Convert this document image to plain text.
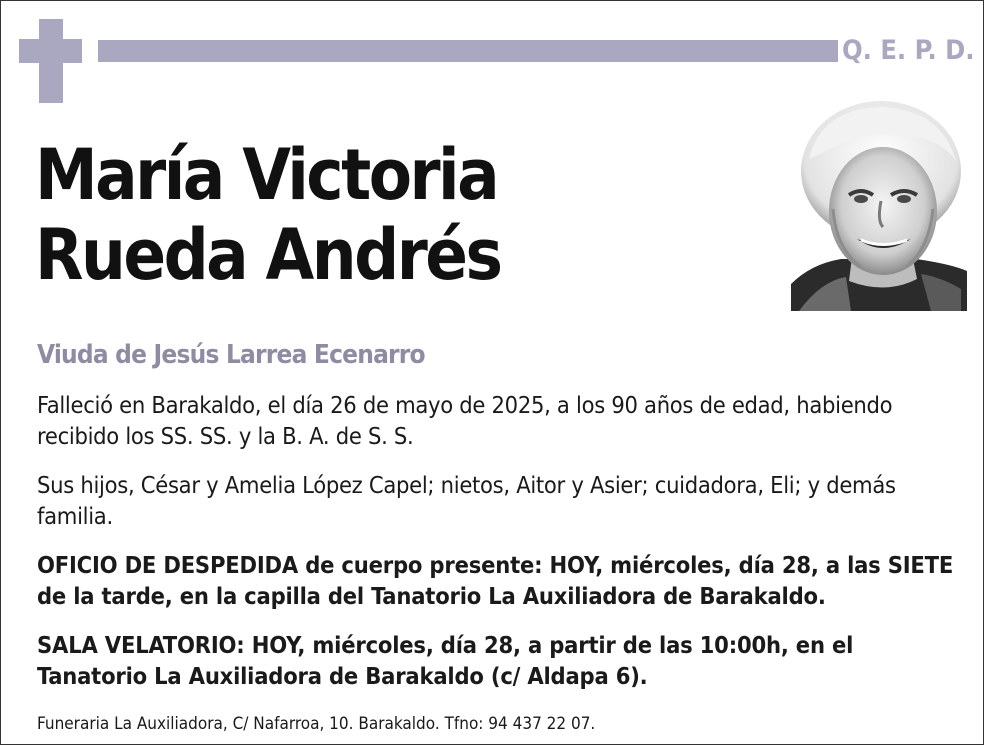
Q. E. P. D.
María Victoria
Rueda Andrés
Viuda de Jesús Larrea Ecenarro
Falleció en Barakaldo, el día 26 de mayo de 2025, a los 90 años de edad, habiendo recibido los SS. SS. y la B. A. de S. S.
Sus hijos, César y Amelia López Capel; nietos, Aitor y Asier; cuidadora, Eli; y demás familia.
OFICIO DE DESPEDIDA de cuerpo presente: HOY, miércoles, día 28, a las SIETE de la tarde, en la capilla del Tanatorio La Auxiliadora de Barakaldo.
SALA VELATORIO: HOY, miércoles, día 28, a partir de las 10:00h, en el Tanatorio La Auxiliadora de Barakaldo (c/ Aldapa 6).
Funeraria La Auxiliadora, C/ Nafarroa, 10. Barakaldo. Tfno: 94 437 22 07.
